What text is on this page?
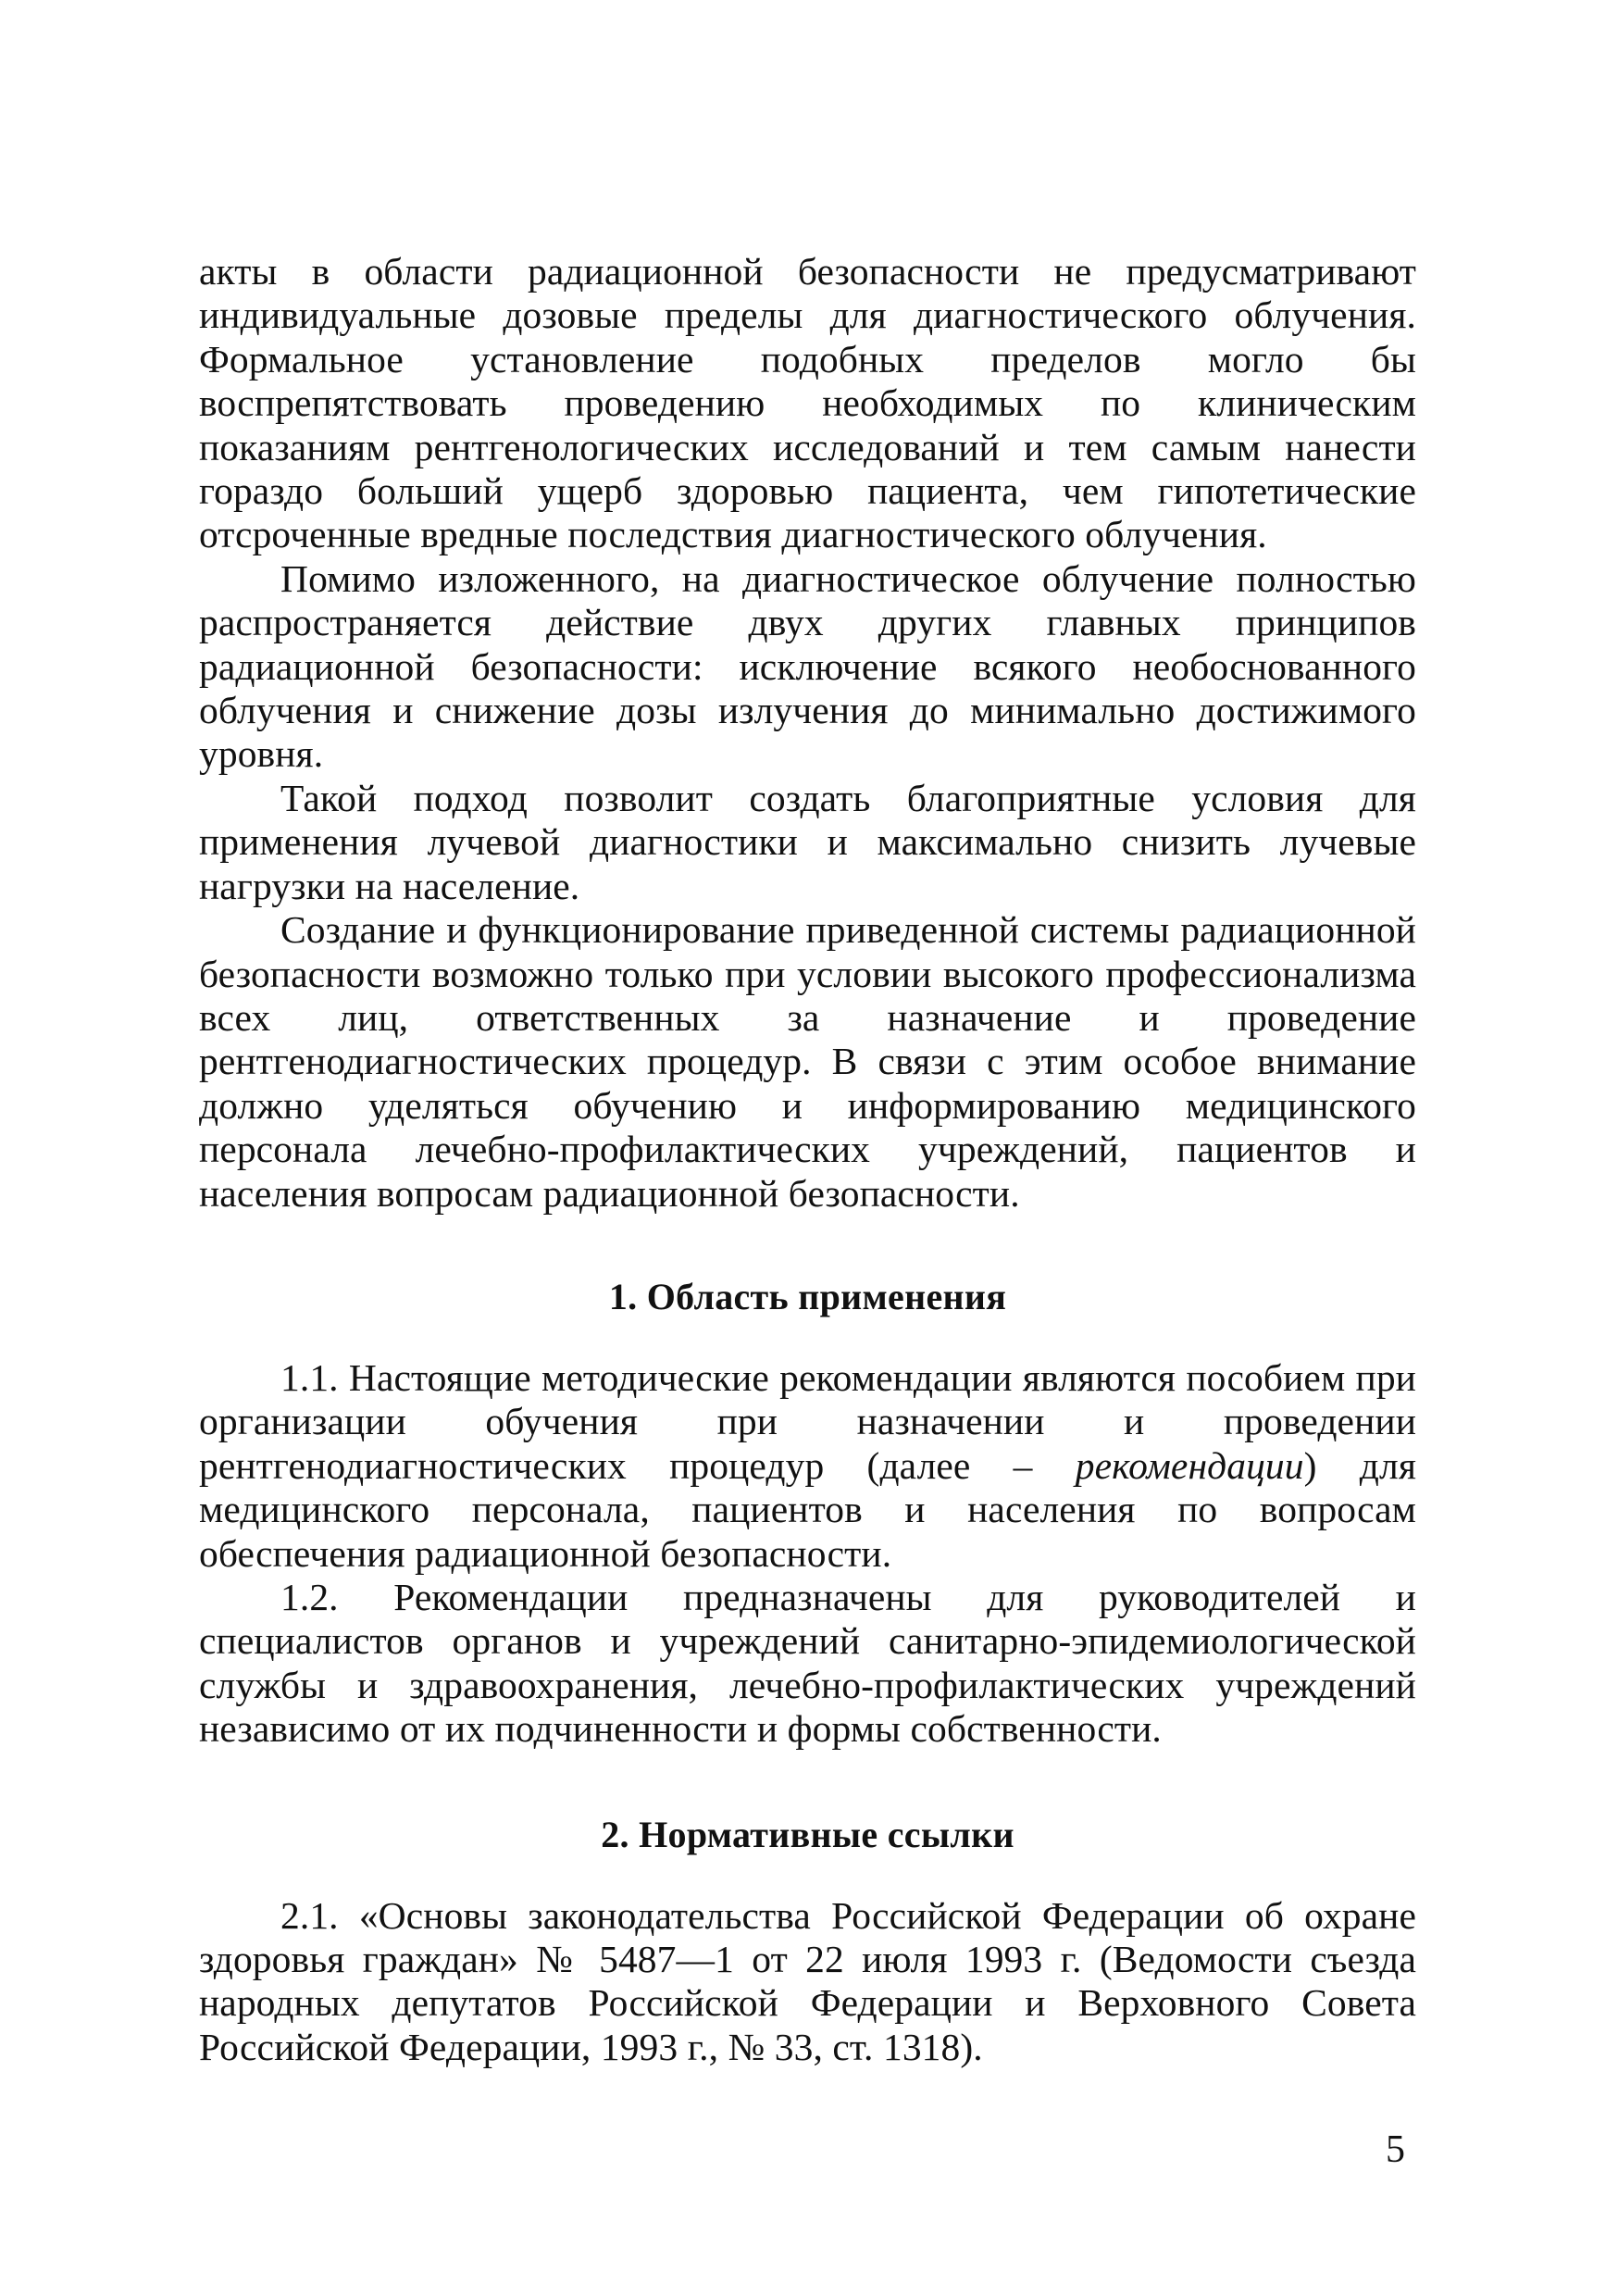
акты в области радиационной безопасности не предусматривают индивидуальные дозовые пределы для диагностического облучения. Формальное установление подобных пределов могло бы воспрепятствовать проведению необходимых по клиническим показаниям рентгенологических исследований и тем самым нанести гораздо больший ущерб здоровью пациента, чем гипотетические отсроченные вредные последствия диагностического облучения.

Помимо изложенного, на диагностическое облучение полностью распространяется действие двух других главных принципов радиационной безопасности: исключение всякого необоснованного облучения и снижение дозы излучения до минимально достижимого уровня.

Такой подход позволит создать благоприятные условия для применения лучевой диагностики и максимально снизить лучевые нагрузки на население.

Создание и функционирование приведенной системы радиационной безопасности возможно только при условии высокого профессионализма всех лиц, ответственных за назначение и проведение рентгенодиагностических процедур. В связи с этим особое внимание должно уделяться обучению и информированию медицинского персонала лечебно-профилактических учреждений, пациентов и населения вопросам радиационной безопасности.

1. Область применения

1.1. Настоящие методические рекомендации являются пособием при организации обучения при назначении и проведении рентгенодиагностических процедур (далее – рекомендации) для медицинского персонала, пациентов и населения по вопросам обеспечения радиационной безопасности.

1.2. Рекомендации предназначены для руководителей и специалистов органов и учреждений санитарно-эпидемиологической службы и здравоохранения, лечебно-профилактических учреждений независимо от их подчиненности и формы собственности.

2. Нормативные ссылки

2.1. «Основы законодательства Российской Федерации об охране здоровья граждан» № 5487—1 от 22 июля 1993 г. (Ведомости съезда народных депутатов Российской Федерации и Верховного Совета Российской Федерации, 1993 г., № 33, ст. 1318).

5
